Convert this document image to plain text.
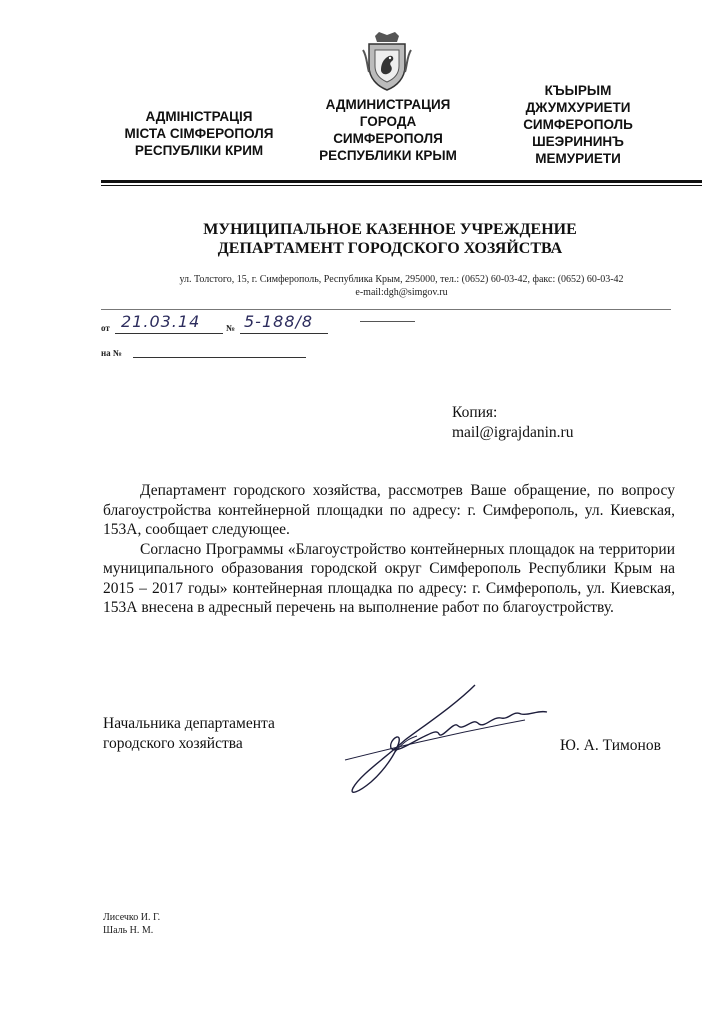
АДМІНІСТРАЦІЯ
МІСТА СІМФЕРОПОЛЯ
РЕСПУБЛІКИ КРИМ
АДМИНИСТРАЦИЯ
ГОРОДА
СИМФЕРОПОЛЯ
РЕСПУБЛИКИ КРЫМ
КЪЫРЫМ
ДЖУМХУРИЕТИ
СИМФЕРОПОЛЬ
ШЕЭРИНИНЪ
МЕМУРИЕТИ
МУНИЦИПАЛЬНОЕ КАЗЕННОЕ УЧРЕЖДЕНИЕ
ДЕПАРТАМЕНТ ГОРОДСКОГО ХОЗЯЙСТВА
ул. Толстого, 15, г. Симферополь, Республика Крым, 295000, тел.: (0652) 60-03-42, факс: (0652) 60-03-42
e-mail:dgh@simgov.ru
от 21.03.14	№ 5-188/8
на №
Копия:
mail@igrajdanin.ru

Департамент городского хозяйства, рассмотрев Ваше обращение, по вопросу благоустройства контейнерной площадки по адресу: г. Симферополь, ул. Киевская, 153А, сообщает следующее.

Согласно Программы «Благоустройство контейнерных площадок на территории муниципального образования городской округ Симферополь Республики Крым на 2015 – 2017 годы» контейнерная площадка по адресу: г. Симферополь, ул. Киевская, 153А внесена в адресный перечень на выполнение работ по благоустройству.

Начальника департамента
городского хозяйства	Ю. А. Тимонов
Лисечко И. Г.
Шаль Н. М.
